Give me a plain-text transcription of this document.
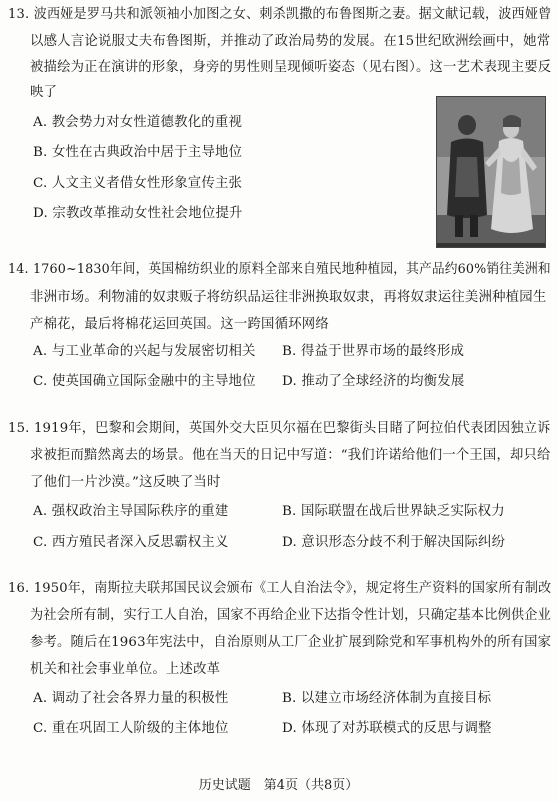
13. 波西娅是罗马共和派领袖小加图之女、刺杀凯撒的布鲁图斯之妻。据文献记载，波西娅曾
以感人言论说服丈夫布鲁图斯，并推动了政治局势的发展。在15世纪欧洲绘画中，她常
被描绘为正在演讲的形象，身旁的男性则呈现倾听姿态（见右图）。这一艺术表现主要反
映了
A. 教会势力对女性道德教化的重视
B. 女性在古典政治中居于主导地位
C. 人文主义者借女性形象宣传主张
D. 宗教改革推动女性社会地位提升
14. 1760~1830年间，英国棉纺织业的原料全部来自殖民地种植园，其产品约60%销往美洲和
非洲市场。利物浦的奴隶贩子将纺织品运往非洲换取奴隶，再将奴隶运往美洲种植园生
产棉花，最后将棉花运回英国。这一跨国循环网络
A. 与工业革命的兴起与发展密切相关 B. 得益于世界市场的最终形成
C. 使英国确立国际金融中的主导地位 D. 推动了全球经济的均衡发展
15. 1919年，巴黎和会期间，英国外交大臣贝尔福在巴黎街头目睹了阿拉伯代表团因独立诉
求被拒而黯然离去的场景。他在当天的日记中写道：“我们许诺给他们一个王国，却只给
了他们一片沙漠。”这反映了当时
A. 强权政治主导国际秩序的重建	B. 国际联盟在战后世界缺乏实际权力
C. 西方殖民者深入反思霸权主义	D. 意识形态分歧不利于解决国际纠纷
16. 1950年，南斯拉夫联邦国民议会颁布《工人自治法令》，规定将生产资料的国家所有制改
为社会所有制，实行工人自治，国家不再给企业下达指令性计划，只确定基本比例供企业
参考。随后在1963年宪法中，自治原则从工厂企业扩展到除党和军事机构外的所有国家
机关和社会事业单位。上述改革
A. 调动了社会各界力量的积极性	B. 以建立市场经济体制为直接目标
C. 重在巩固工人阶级的主体地位	D. 体现了对苏联模式的反思与调整
历史试题　第4页（共8页）
